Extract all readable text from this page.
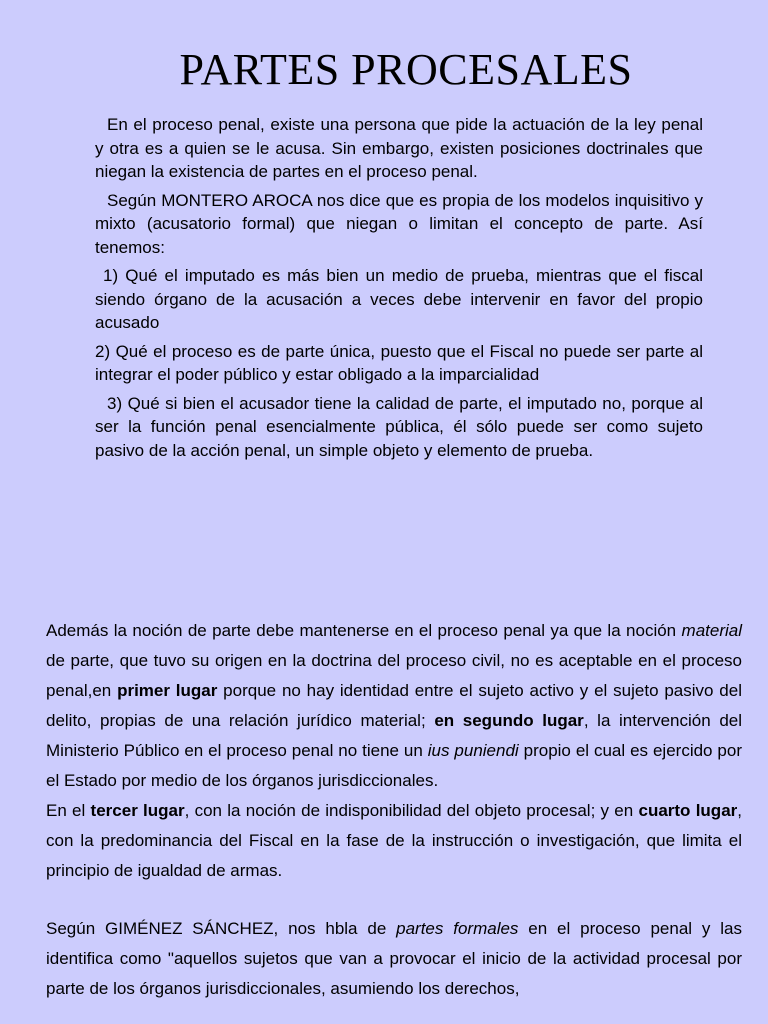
PARTES PROCESALES

En el proceso penal, existe una persona que pide la actuación de la ley penal y otra es a quien se le acusa. Sin embargo, existen posiciones doctrinales que niegan la existencia de partes en el proceso penal.

Según MONTERO AROCA nos dice que es propia de los modelos inquisitivo y mixto (acusatorio formal) que niegan o limitan el concepto de parte. Así tenemos:

1) Qué el imputado es más bien un medio de prueba, mientras que el fiscal siendo órgano de la acusación a veces debe intervenir en favor del propio acusado

2) Qué el proceso es de parte única, puesto que el Fiscal no puede ser parte al integrar el poder público y estar obligado a la imparcialidad

3) Qué si bien el acusador tiene la calidad de parte, el imputado no, porque al ser la función penal esencialmente pública, él sólo puede ser como sujeto pasivo de la acción penal, un simple objeto y elemento de prueba.

Además la noción de parte debe mantenerse en el proceso penal ya que la noción material de parte, que tuvo su origen en la doctrina del proceso civil, no es aceptable en el proceso penal,en primer lugar porque no hay identidad entre el sujeto activo y el sujeto pasivo del delito, propias de una relación jurídico material; en segundo lugar, la intervención del Ministerio Público en el proceso penal no tiene un ius puniendi propio el cual es ejercido por el Estado por medio de los órganos jurisdiccionales.

En el tercer lugar, con la noción de indisponibilidad del objeto procesal; y en cuarto lugar, con la predominancia del Fiscal en la fase de la instrucción o investigación, que limita el principio de igualdad de armas.

Según GIMÉNEZ SÁNCHEZ, nos hbla de partes formales en el proceso penal y las identifica como "aquellos sujetos que van a provocar el inicio de la actividad procesal por parte de los órganos jurisdiccionales, asumiendo los derechos,
